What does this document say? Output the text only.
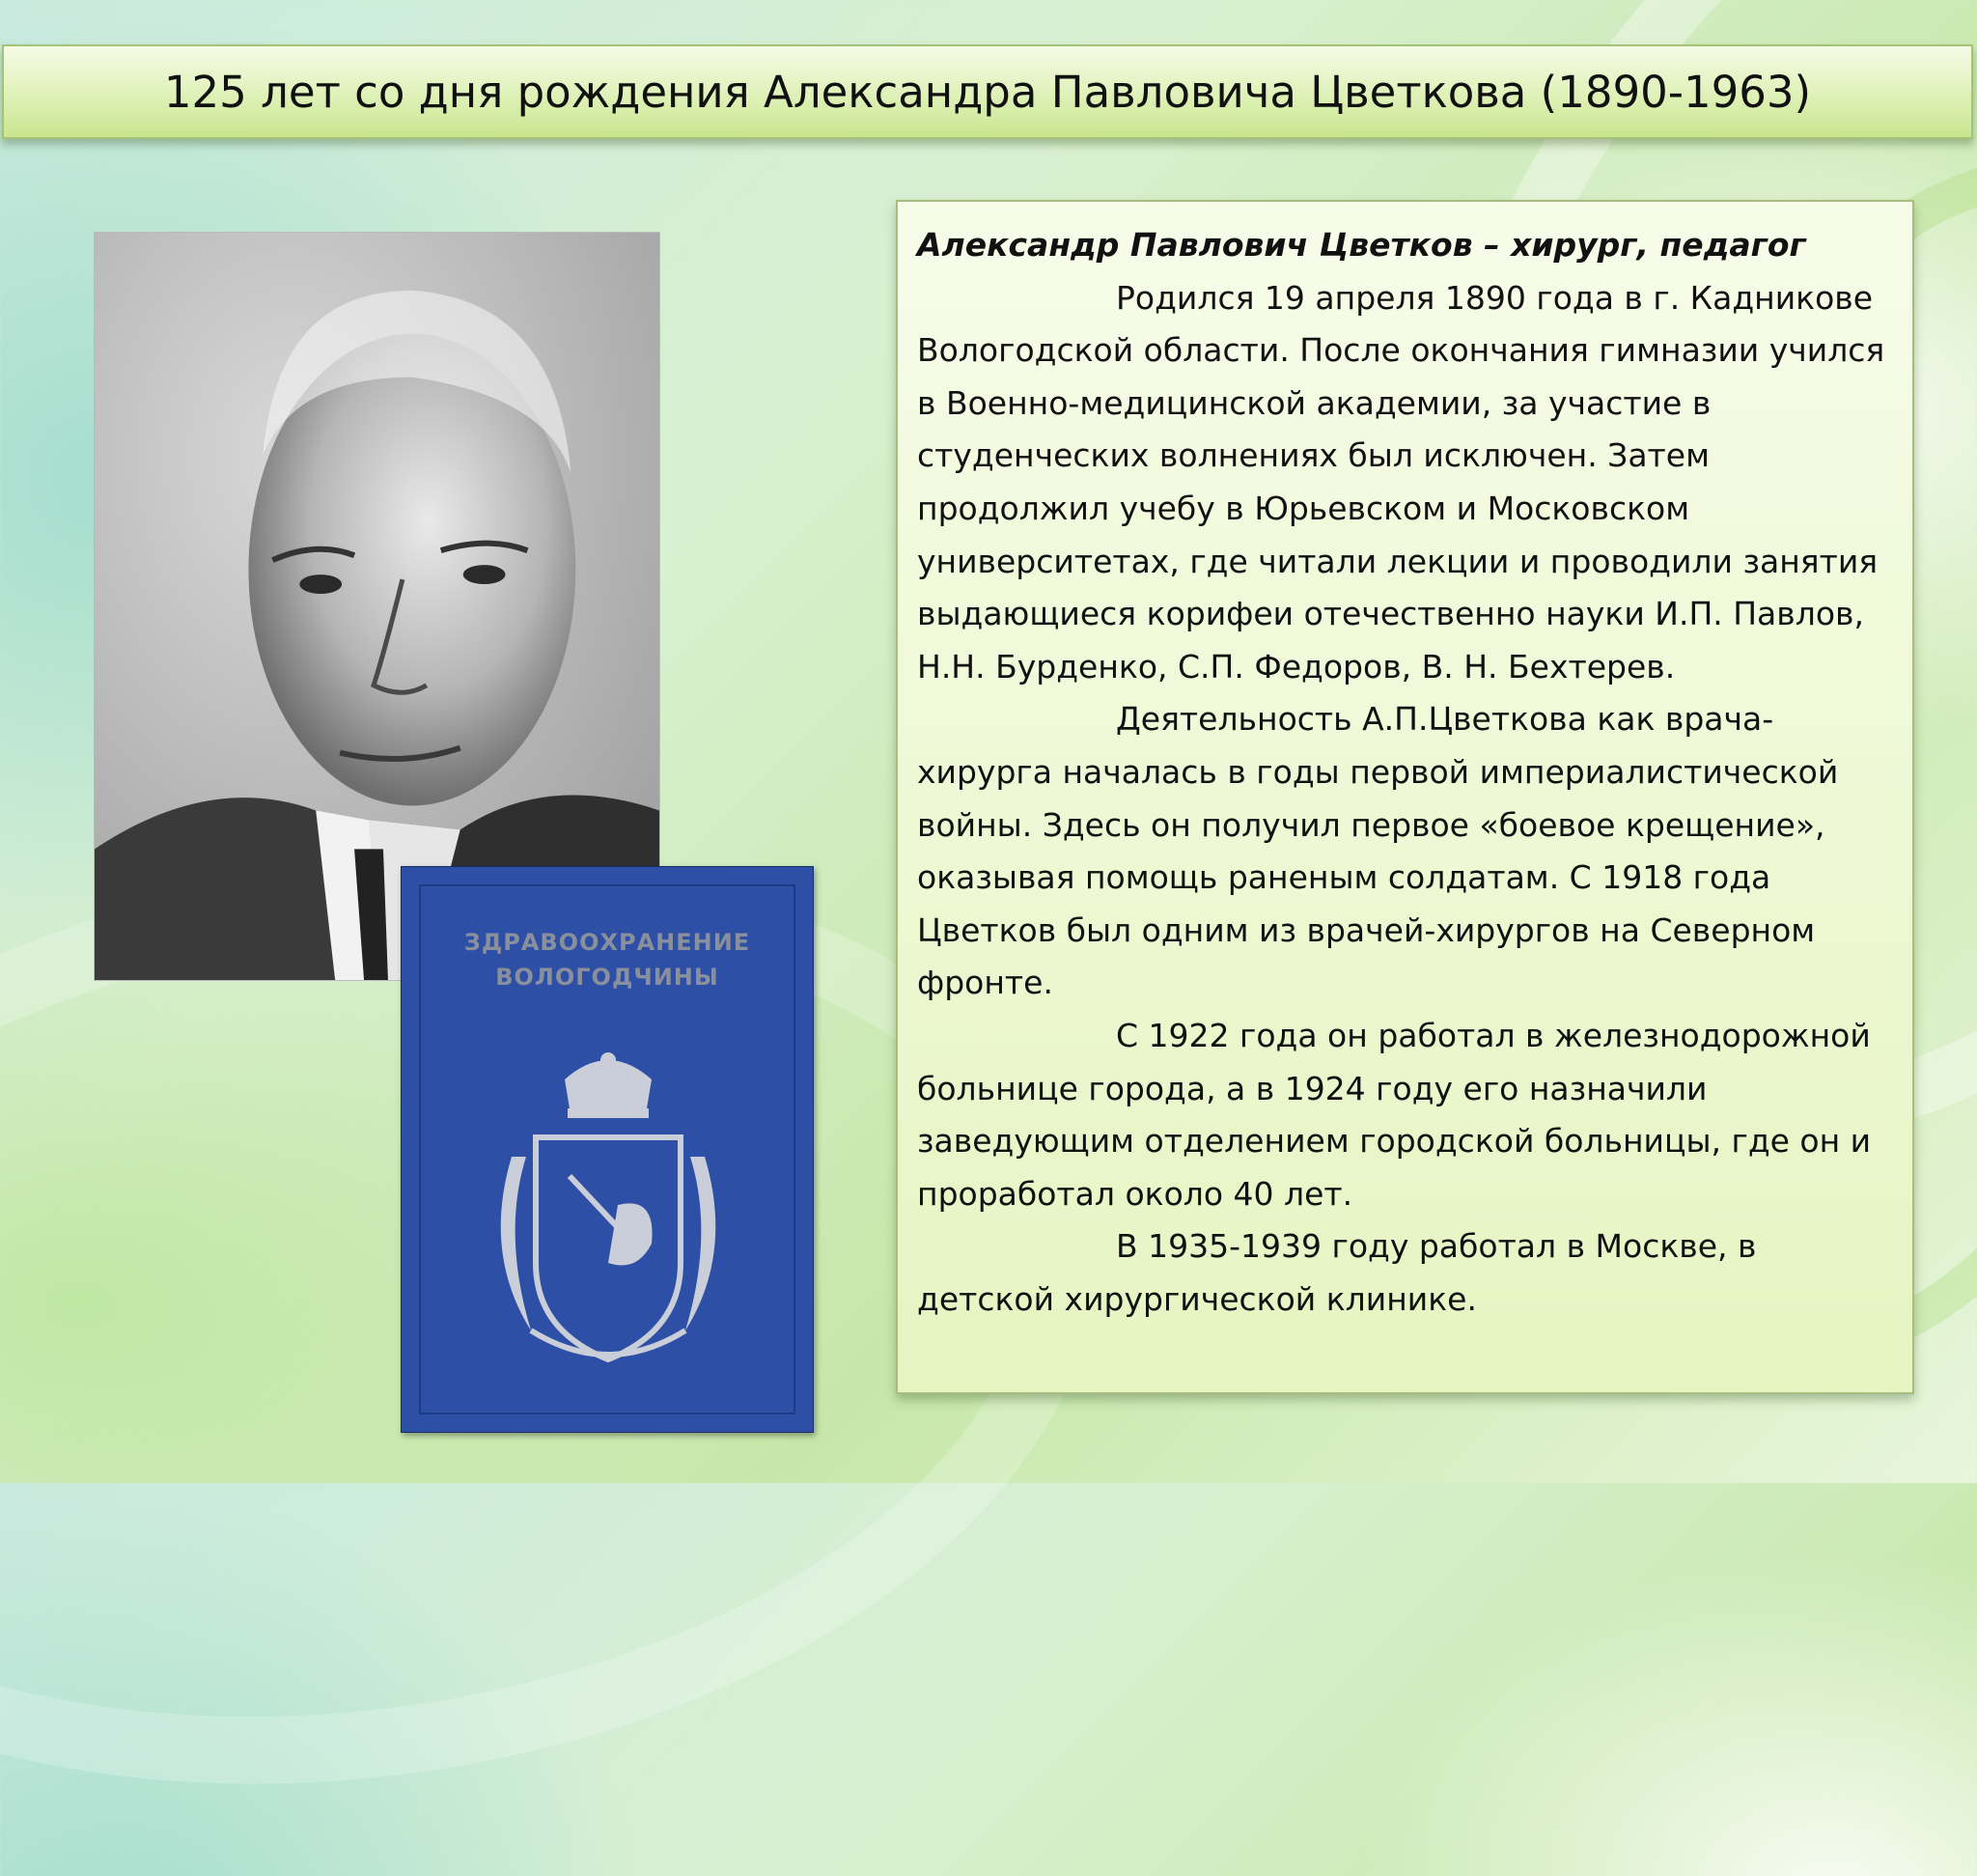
125 лет со дня рождения Александра Павловича Цветкова (1890-1963)
ЗДРАВООХРАНЕНИЕ
ВОЛОГОДЧИНЫ
Александр Павлович Цветков – хирург, педагог

Родился 19 апреля 1890 года в г. Кадникове Вологодской области. После окончания гимназии учился в Военно-медицинской академии, за участие в студенческих волнениях был исключен. Затем продолжил учебу в Юрьевском и Московском университетах, где читали лекции и проводили занятия выдающиеся корифеи отечественно науки И.П. Павлов, Н.Н. Бурденко, С.П. Федоров, В. Н. Бехтерев.

Деятельность А.П.Цветкова как врача-хирурга началась в годы первой империалистической войны. Здесь он получил первое «боевое крещение», оказывая помощь раненым солдатам. С 1918 года Цветков был одним из врачей-хирургов на Северном фронте.

С 1922 года он работал в железнодорожной больнице города, а в 1924 году его назначили заведующим отделением городской больницы, где он и проработал около 40 лет.

В 1935-1939 году работал в Москве, в детской хирургической клинике.
